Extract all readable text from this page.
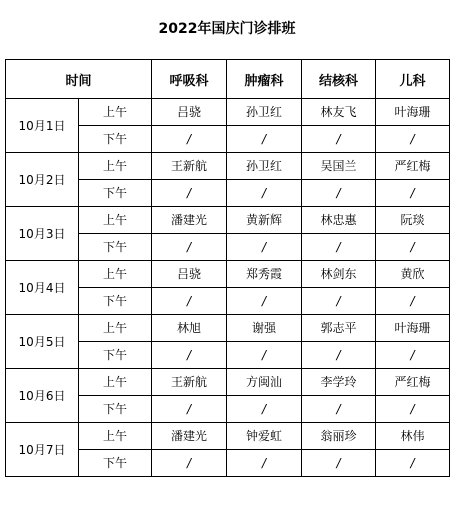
2022年国庆门诊排班
时间		呼吸科	肿瘤科	结核科	儿科
10月1日	上午	吕骁	孙卫红	林友飞	叶海珊
	下午	/	/	/	/
10月2日	上午	王新航	孙卫红	吴国兰	严红梅
	下午	/	/	/	/
10月3日	上午	潘建光	黄新辉	林忠惠	阮琰
	下午	/	/	/	/
10月4日	上午	吕骁	郑秀霞	林剑东	黄欣
	下午	/	/	/	/
10月5日	上午	林旭	谢强	郭志平	叶海珊
	下午	/	/	/	/
10月6日	上午	王新航	方闽汕	李学玲	严红梅
	下午	/	/	/	/
10月7日	上午	潘建光	钟爱虹	翁丽珍	林伟
	下午	/	/	/	/
